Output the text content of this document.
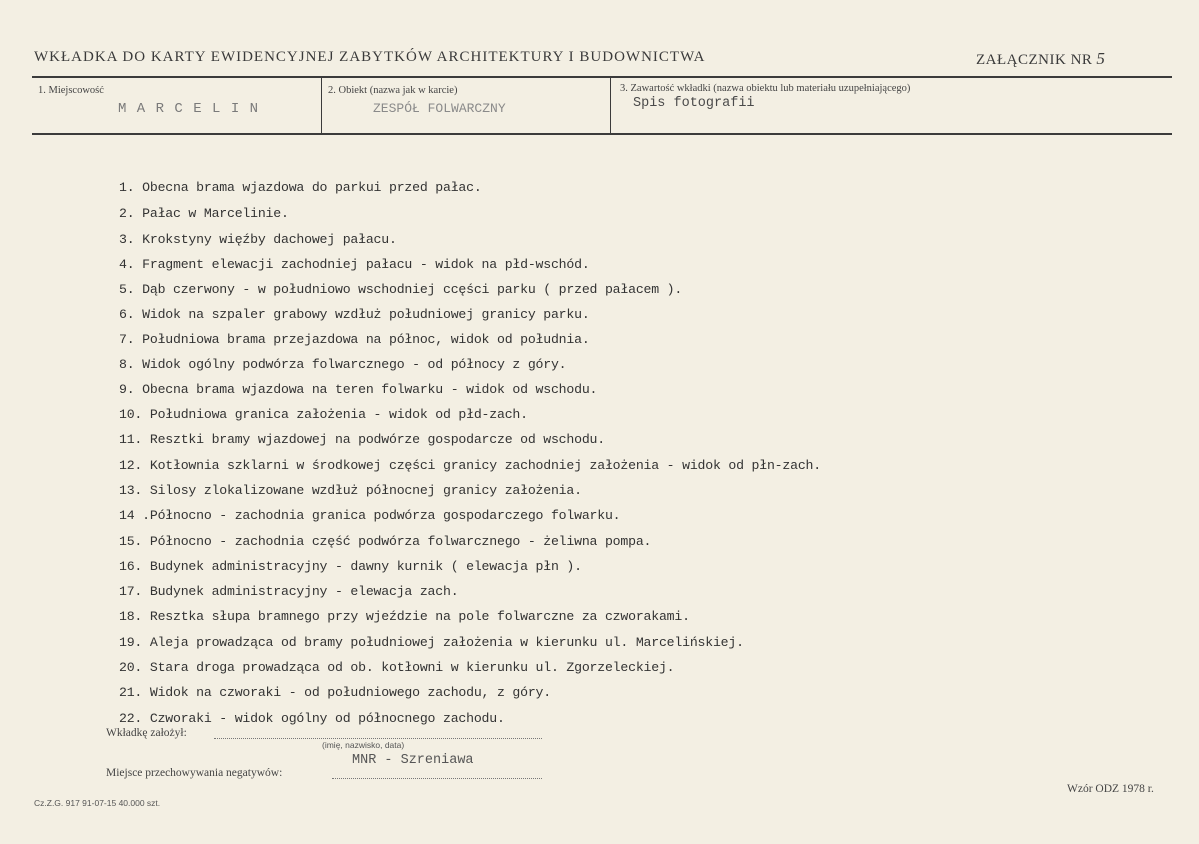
WKŁADKA DO KARTY EWIDENCYJNEJ ZABYTKÓW ARCHITEKTURY I BUDOWNICTWA	ZAŁĄCZNIK NR 5
1. Miejscowość
M A R C E L I N
2. Obiekt (nazwa jak w karcie)
ZESPÓŁ FOLWARCZNY
3. Zawartość wkładki (nazwa obiektu lub materiału uzupełniającego)
Spis fotografii
1. Obecna brama wjazdowa do parkui przed pałac.
2. Pałac w Marcelinie.
3. Krokstyny więźby dachowej pałacu.
4. Fragment elewacji zachodniej pałacu - widok na płd-wschód.
5. Dąb czerwony - w południowo wschodniej ccęści parku ( przed pałacem ).
6. Widok na szpaler grabowy wzdłuż południowej granicy parku.
7. Południowa brama przejazdowa na północ, widok od południa.
8. Widok ogólny podwórza folwarcznego - od północy z góry.
9. Obecna brama wjazdowa na teren folwarku - widok od wschodu.
10. Południowa granica założenia - widok od płd-zach.
11. Resztki bramy wjazdowej na podwórze gospodarcze od wschodu.
12. Kotłownia szklarni w środkowej części granicy zachodniej założenia - widok od płn-zach.
13. Silosy zlokalizowane wzdłuż północnej granicy założenia.
14 .Północno - zachodnia granica podwórza gospodarczego folwarku.
15. Północno - zachodnia część podwórza folwarcznego - żeliwna pompa.
16. Budynek administracyjny - dawny kurnik ( elewacja płn ).
17. Budynek administracyjny - elewacja zach.
18. Resztka słupa bramnego przy wjeździe na pole folwarczne za czworakami.
19. Aleja prowadząca od bramy południowej założenia w kierunku ul. Marcelińskiej.
20. Stara droga prowadząca od ob. kotłowni w kierunku ul. Zgorzeleckiej.
21. Widok na czworaki - od południowego zachodu, z góry.
22. Czworaki - widok ogólny od północnego zachodu.
Wkładkę założył:
(imię, nazwisko, data)
Miejsce przechowywania negatywów:
MNR - Szreniawa
Cz.Z.G. 917 91-07-15 40.000 szt.
Wzór ODZ 1978 r.
